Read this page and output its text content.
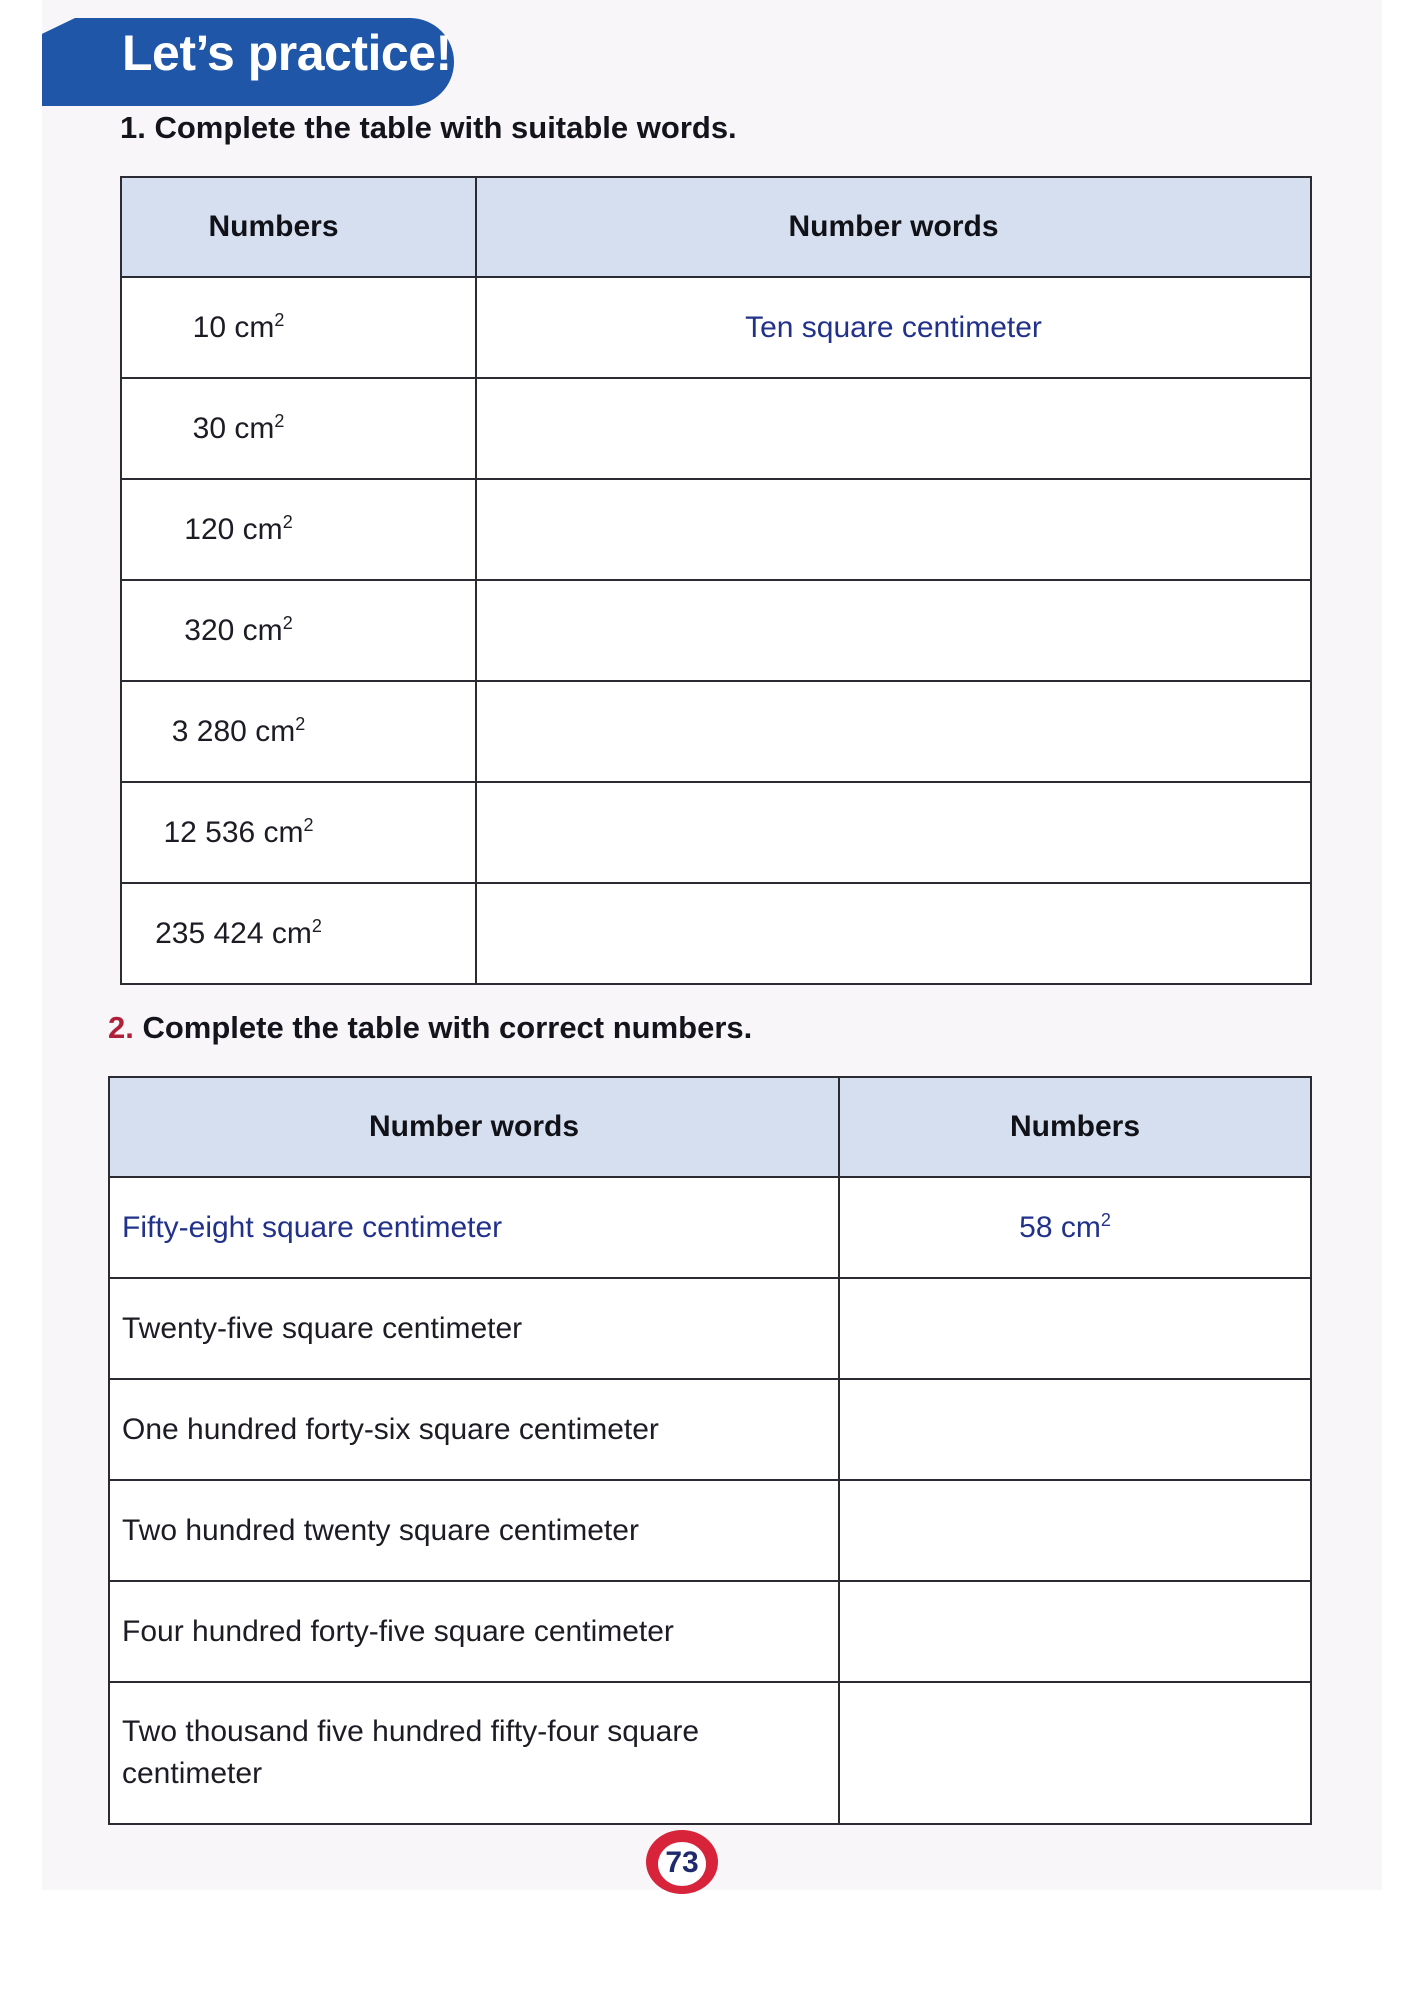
Let’s practice!
1. Complete the table with suitable words.
Numbers	Number words
10 $cm^2$	Ten square centimeter
30 $cm^2$	
120 $cm^2$	
320 $cm^2$	
3 280 $cm^2$	
12 536 $cm^2$	
235 424 $cm^2$	
2. Complete the table with correct numbers.
Number words	Numbers
Fifty-eight square centimeter	58 $cm^2$
Twenty-five square centimeter	
One hundred forty-six square centimeter	
Two hundred twenty square centimeter	
Four hundred forty-five square centimeter	
Two thousand five hundred fifty-four square centimeter	
73
